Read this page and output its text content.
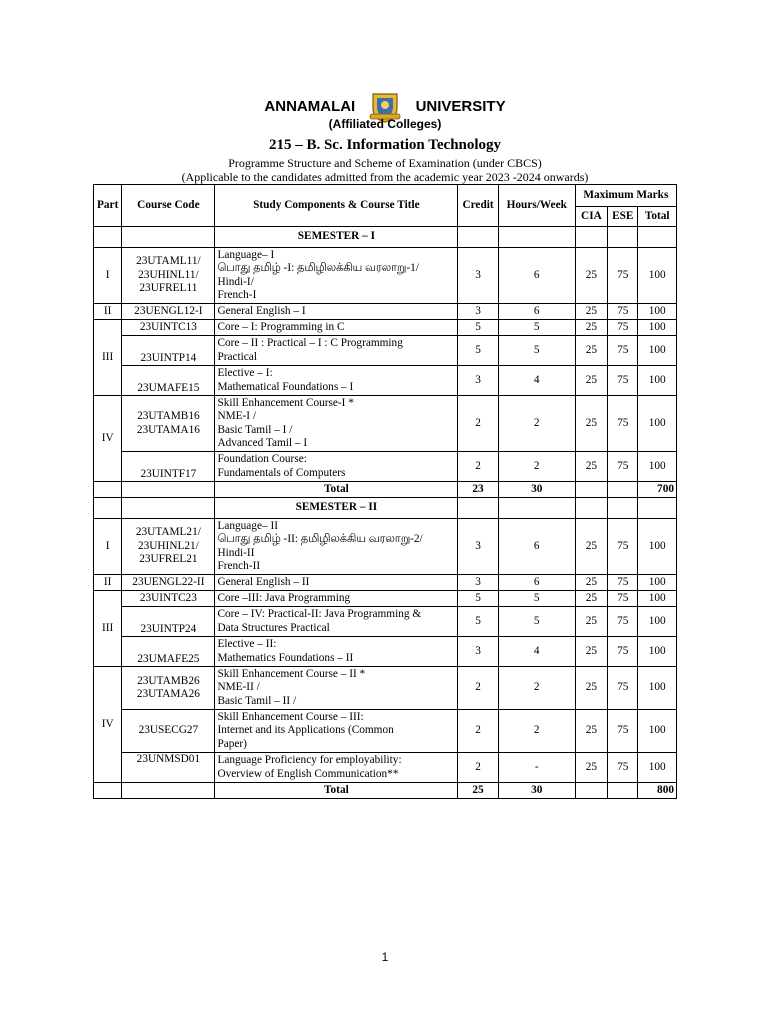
ANNAMALAI	UNIVERSITY
(Affiliated Colleges)
215 – B. Sc. Information Technology
Programme Structure and Scheme of Examination (under CBCS)
(Applicable to the candidates admitted from the academic year 2023 -2024 onwards)
Part	Course Code	Study Components & Course Title	Credit	Hours/Week	Maximum Marks		
					CIA	ESE	Total
		SEMESTER – I					
I	23UTAML11/
23UHINL11/
23UFREL11	Language– I
பொது தமிழ் -I: தமிழிலக்கிய வரலாறு-1/
Hindi-I/
French-I	3	6	25	75	100
II	23UENGL12-I	General English – I	3	6	25	75	100
III	23UINTC13	Core – I: Programming in C	5	5	25	75	100
	23UINTP14	Core – II : Practical – I : C Programming
Practical	5	5	25	75	100
	23UMAFE15	Elective – I:
Mathematical Foundations – I	3	4	25	75	100
IV	23UTAMB16
23UTAMA16	Skill Enhancement Course-I *
NME-I /
Basic Tamil – I /
Advanced Tamil – I	2	2	25	75	100
	23UINTF17	Foundation Course:
Fundamentals of Computers	2	2	25	75	100
		Total	23	30			700
		SEMESTER – II					
I	23UTAML21/
23UHINL21/
23UFREL21	Language– II
பொது தமிழ் -II: தமிழிலக்கிய வரலாறு-2/
Hindi-II
French-II	3	6	25	75	100
II	23UENGL22-II	General English – II	3	6	25	75	100
III	23UINTC23	Core –III: Java Programming	5	5	25	75	100
	23UINTP24	Core – IV: Practical-II: Java Programming &
Data Structures Practical	5	5	25	75	100
	23UMAFE25	Elective – II:
Mathematics Foundations – II	3	4	25	75	100
IV	23UTAMB26
23UTAMA26	Skill Enhancement Course – II *
NME-II /
Basic Tamil – II /	2	2	25	75	100
	23USECG27	Skill Enhancement Course – III:
Internet and its Applications (Common
Paper)	2	2	25	75	100
	23UNMSD01	Language Proficiency for employability:
Overview of English Communication**	2	-	25	75	100
		Total	25	30			800
1
